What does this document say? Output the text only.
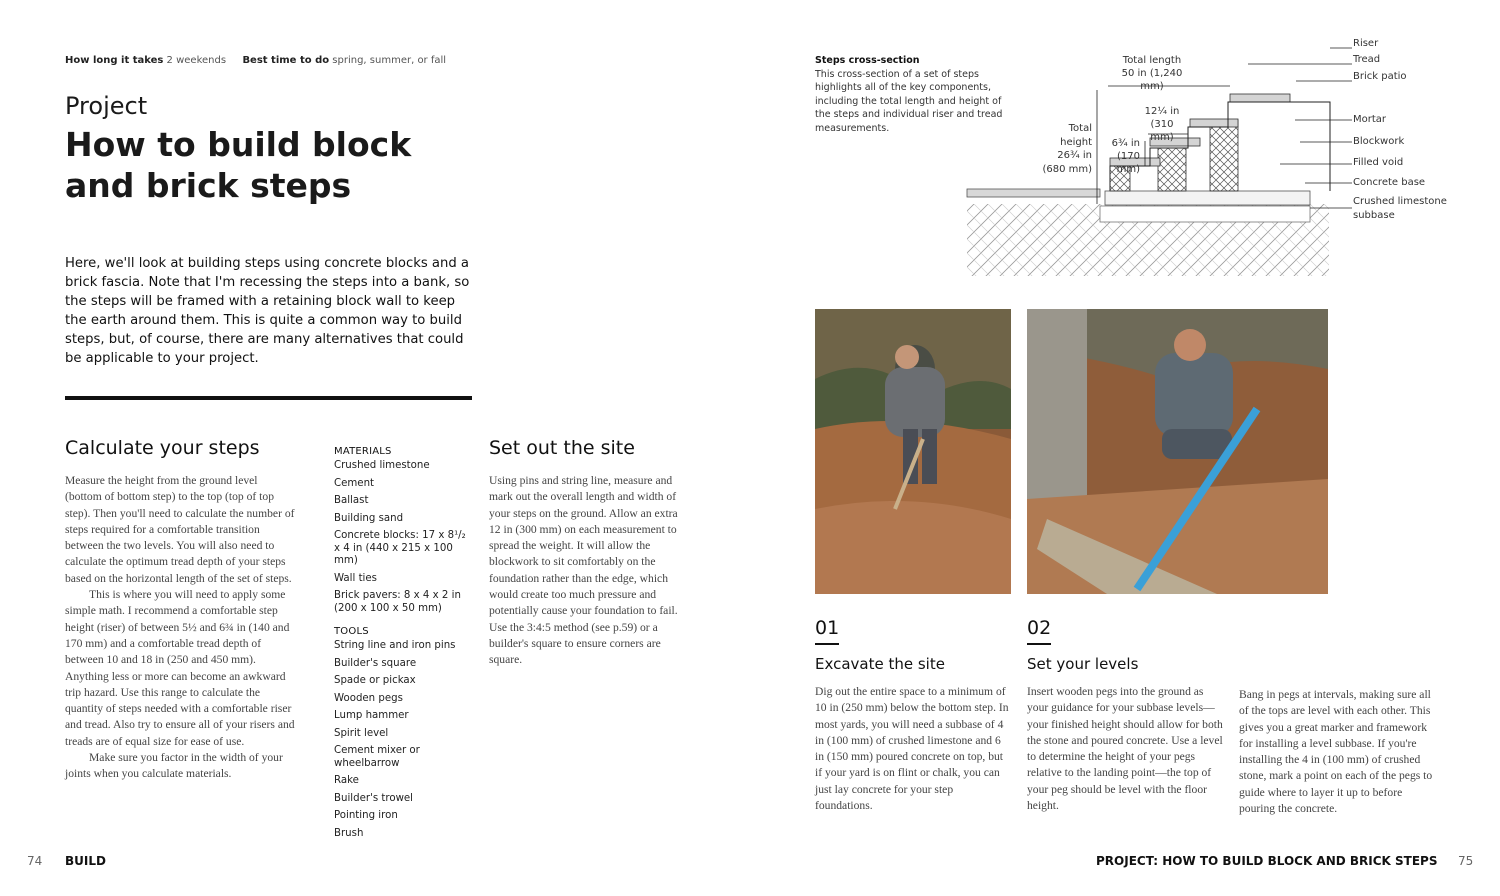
How long it takes 2 weekends Best time to do spring, summer, or fall
Project
How to build block
and brick steps

Here, we'll look at building steps using concrete blocks and a brick fascia. Note that I'm recessing the steps into a bank, so the steps will be framed with a retaining block wall to keep the earth around them. This is quite a common way to build steps, but, of course, there are many alternatives that could be applicable to your project.

Calculate your steps

Measure the height from the ground level (bottom of bottom step) to the top (top of top step). Then you'll need to calculate the number of steps required for a comfortable transition between the two levels. You will also need to calculate the optimum tread depth of your steps based on the horizontal length of the set of steps.

This is where you will need to apply some simple math. I recommend a comfortable step height (riser) of between 5½ and 6¾ in (140 and 170 mm) and a comfortable tread depth of between 10 and 18 in (250 and 450 mm). Anything less or more can become an awkward trip hazard. Use this range to calculate the quantity of steps needed with a comfortable riser and tread. Also try to ensure all of your risers and treads are of equal size for ease of use.

Make sure you factor in the width of your joints when you calculate materials.

MATERIALS
Crushed limestone
Cement
Ballast
Building sand
Concrete blocks: 17 x 8¹/₂ x 4 in (440 x 215 x 100 mm)
Wall ties
Brick pavers: 8 x 4 x 2 in (200 x 100 x 50 mm)
TOOLS
String line and iron pins
Builder's square
Spade or pickax
Wooden pegs
Lump hammer
Spirit level
Cement mixer or wheelbarrow
Rake
Builder's trowel
Pointing iron
Brush
Set out the site

Using pins and string line, measure and mark out the overall length and width of your steps on the ground. Allow an extra 12 in (300 mm) on each measurement to spread the weight. It will allow the blockwork to sit comfortably on the foundation rather than the edge, which would create too much pressure and potentially cause your foundation to fail. Use the 3:4:5 method (see p.59) or a builder's square to ensure corners are square.

74 BUILD
Steps cross-section
This cross-section of a set of steps highlights all of the key components, including the total length and height of the steps and individual riser and tread measurements.
Total length
50 in (1,240 mm)
Total
height
26¾ in
(680 mm)
12¼ in
(310 mm)
6¾ in
(170 mm)
Riser
Tread
Brick patio
Mortar
Blockwork
Filled void
Concrete base
Crushed limestone
subbase
01
Excavate the site

Dig out the entire space to a minimum of 10 in (250 mm) below the bottom step. In most yards, you will need a subbase of 4 in (100 mm) of crushed limestone and 6 in (150 mm) poured concrete on top, but if your yard is on flint or chalk, you can just lay concrete for your step foundations.

02
Set your levels

Insert wooden pegs into the ground as your guidance for your subbase levels—your finished height should allow for both the stone and poured concrete. Use a level to determine the height of your pegs relative to the landing point—the top of your peg should be level with the floor height.

Bang in pegs at intervals, making sure all of the tops are level with each other. This gives you a great marker and framework for installing a level subbase. If you're installing the 4 in (100 mm) of crushed stone, mark a point on each of the pegs to guide where to layer it up to before pouring the concrete.

PROJECT: HOW TO BUILD BLOCK AND BRICK STEPS 75
